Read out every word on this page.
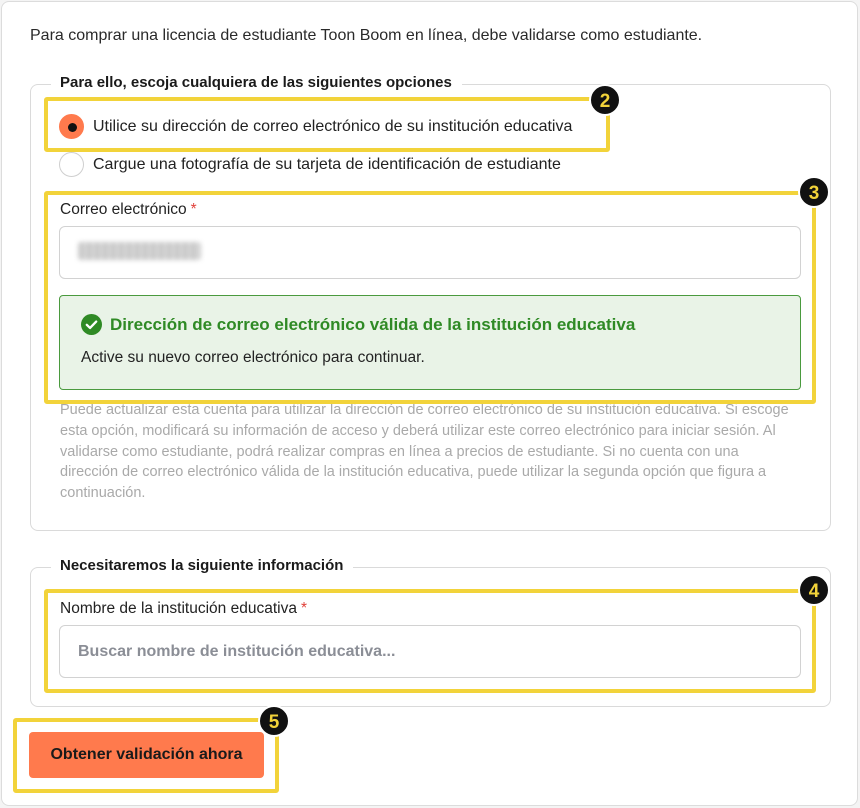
Para comprar una licencia de estudiante Toon Boom en línea, debe validarse como estudiante.
Para ello, escoja cualquiera de las siguientes opciones
Utilice su dirección de correo electrónico de su institución educativa
Cargue una fotografía de su tarjeta de identificación de estudiante
Correo electrónico *
Dirección de correo electrónico válida de la institución educativa
Active su nuevo correo electrónico para continuar.
Puede actualizar esta cuenta para utilizar la dirección de correo electrónico de su institución educativa. Si escoge esta opción, modificará su información de acceso y deberá utilizar este correo electrónico para iniciar sesión. Al validarse como estudiante, podrá realizar compras en línea a precios de estudiante. Si no cuenta con una dirección de correo electrónico válida de la institución educativa, puede utilizar la segunda opción que figura a continuación.
Necesitaremos la siguiente información
Nombre de la institución educativa *
Buscar nombre de institución educativa...
Obtener validación ahora
2
3
4
5
